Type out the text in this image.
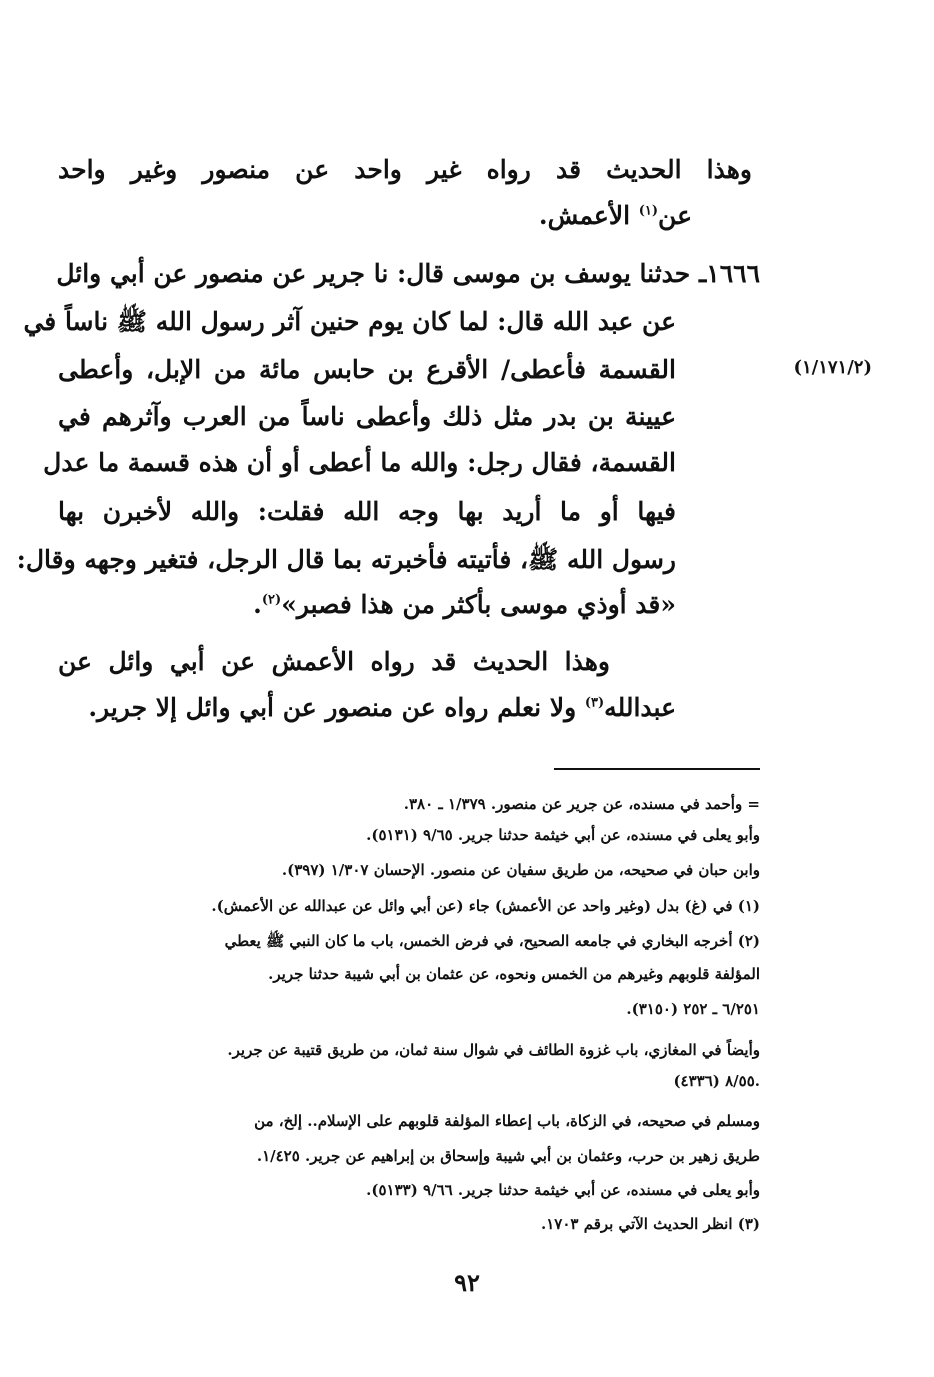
وهذا الحديث قد رواه غير واحد عن منصور وغير واحد
عن$^{(١)}$ الأعمش.
١٦٦٦ـ حدثنا يوسف بن موسى قال: نا جرير عن منصور عن أبي وائل
عن عبد الله قال: لما كان يوم حنين آثر رسول الله ﷺ ناساً في
القسمة فأعطى/ الأقرع بن حابس مائة من الإبل، وأعطى
عيينة بن بدر مثل ذلك وأعطى ناساً من العرب وآثرهم في
القسمة، فقال رجل: والله ما أعطى أو أن هذه قسمة ما عدل
فيها أو ما أريد بها وجه الله فقلت: والله لأخبرن بها
رسول الله ﷺ، فأتيته فأخبرته بما قال الرجل، فتغير وجهه وقال:
«قد أوذي موسى بأكثر من هذا فصبر»$^{(٢)}$.
(١/١٧١/٢)
وهذا الحديث قد رواه الأعمش عن أبي وائل عن
عبدالله$^{(٣)}$ ولا نعلم رواه عن منصور عن أبي وائل إلا جرير.
= وأحمد في مسنده، عن جرير عن منصور. ١/٣٧٩ ـ ٣٨٠.
وأبو يعلى في مسنده، عن أبي خيثمة حدثنا جرير. ٩/٦٥ (٥١٣١).
وابن حبان في صحيحه، من طريق سفيان عن منصور. الإحسان ١/٣٠٧ (٣٩٧).
(١) في (غ) بدل (وغير واحد عن الأعمش) جاء (عن أبي وائل عن عبدالله عن الأعمش).
(٢) أخرجه البخاري في جامعه الصحيح، في فرض الخمس، باب ما كان النبي ﷺ يعطي
المؤلفة قلوبهم وغيرهم من الخمس ونحوه، عن عثمان بن أبي شيبة حدثنا جرير.
٦/٢٥١ ـ ٢٥٢ (٣١٥٠).
وأيضاً في المغازي، باب غزوة الطائف في شوال سنة ثمان، من طريق قتيبة عن جرير.
٨/٥٥ (٤٣٣٦).
ومسلم في صحيحه، في الزكاة، باب إعطاء المؤلفة قلوبهم على الإسلام.. إلخ، من
طريق زهير بن حرب، وعثمان بن أبي شيبة وإسحاق بن إبراهيم عن جرير. ١/٤٢٥.
وأبو يعلى في مسنده، عن أبي خيثمة حدثنا جرير. ٩/٦٦ (٥١٣٣).
(٣) انظر الحديث الآتي برقم ١٧٠٣.
٩٢
